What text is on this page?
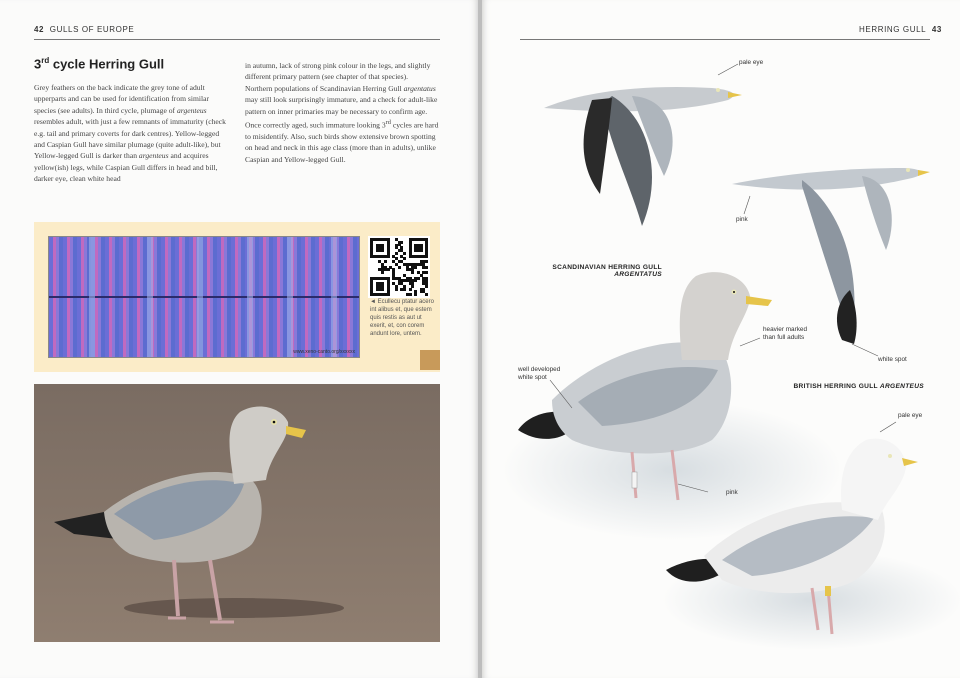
42 GULLS OF EUROPE
3rd cycle Herring Gull
Grey feathers on the back indicate the grey tone of adult upperparts and can be used for identification from similar species (see adults). In third cycle, plumage of argenteus resembles adult, with just a few remnants of immaturity (check e.g. tail and primary coverts for dark centres). Yellow-legged and Caspian Gull have similar plumage (quite adult-like), but Yellow-legged Gull is darker than argenteus and acquires yellow(ish) legs, while Caspian Gull differs in head and bill, darker eye, clean white head
in autumn, lack of strong pink colour in the legs, and slightly different primary pattern (see chapter of that species).
Northern populations of Scandinavian Herring Gull argentatus may still look surprisingly immature, and a check for adult-like pattern on inner primaries may be necessary to confirm age. Once correctly aged, such immature looking 3rd cycles are hard to misidentify. Also, such birds show extensive brown spotting on head and neck in this age class (more than in adults), unlike Caspian and Yellow-legged Gull.
www.xeno-canto.org/xxxxxx
◄ Ecullecu ptatur acero int alibus et, que estem quis restis as aut ut exerit, et, con corem andunt lore, untem.
HERRING GULL 43
pale eye
pink
white spot
heavier marked
than full adults
well developed
white spot
pink
pale eye
SCANDINAVIAN HERRING GULL
ARGENTATUS
BRITISH HERRING GULL ARGENTEUS
